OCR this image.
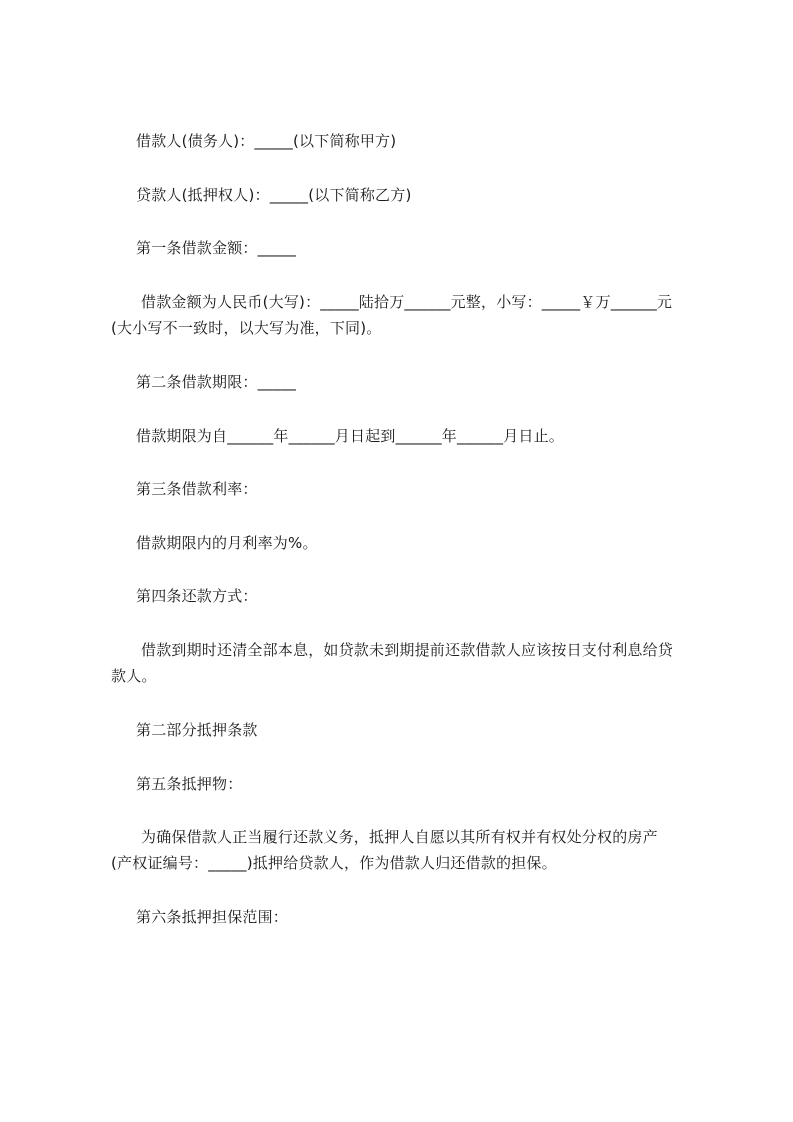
借款人(债务人)：_____(以下简称甲方)
贷款人(抵押权人)：_____(以下简称乙方)
第一条借款金额：_____
借款金额为人民币(大写)：_____陆拾万______元整，小写：_____￥万______元
(大小写不一致时，以大写为准，下同)。
第二条借款期限：_____
借款期限为自______年______月日起到______年______月日止。
第三条借款利率：
借款期限内的月利率为%。
第四条还款方式：
借款到期时还清全部本息，如贷款未到期提前还款借款人应该按日支付利息给贷
款人。
第二部分抵押条款
第五条抵押物：
为确保借款人正当履行还款义务，抵押人自愿以其所有权并有权处分权的房产
(产权证编号：_____)抵押给贷款人，作为借款人归还借款的担保。
第六条抵押担保范围：
